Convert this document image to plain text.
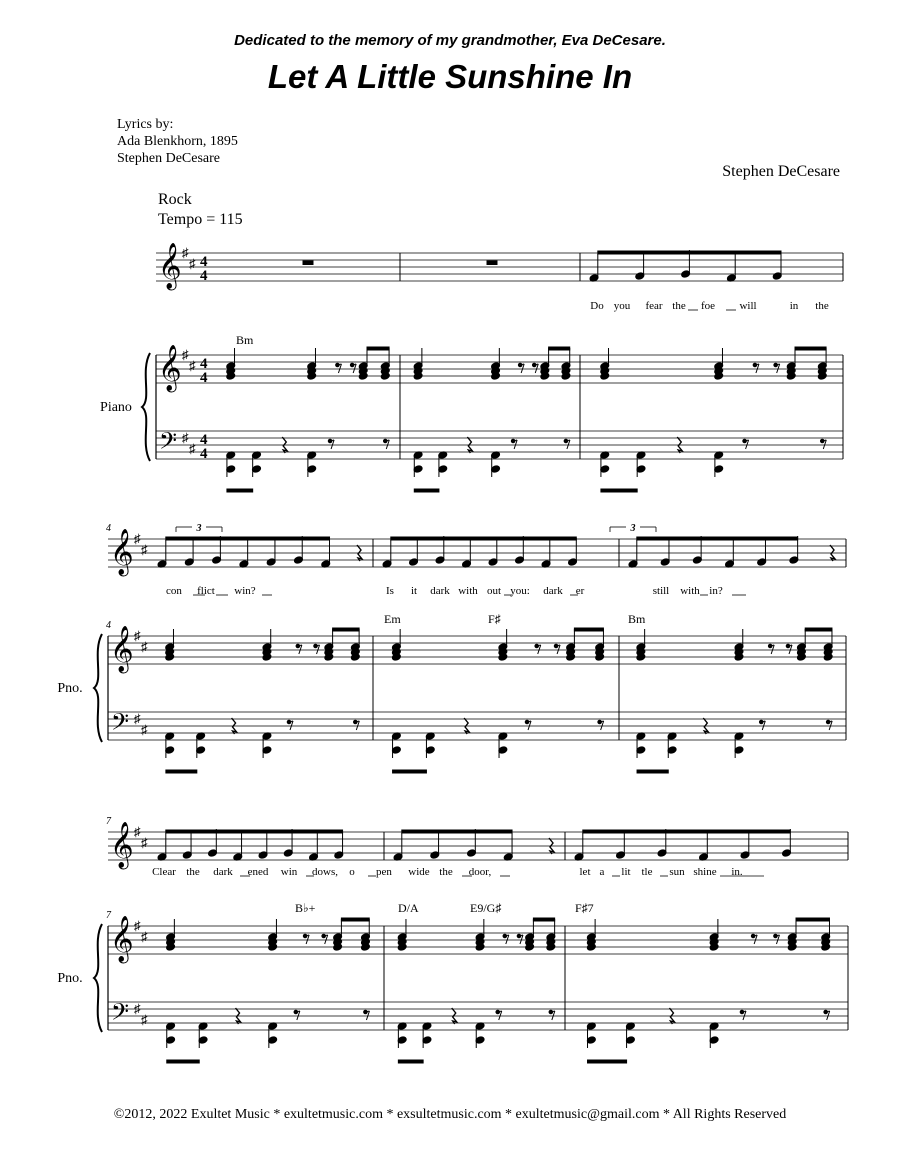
Dedicated to the memory of my grandmother, Eva DeCesare.
Let A Little Sunshine In
Lyrics by:
Ada Blenkhorn, 1895
Stephen DeCesare
Stephen DeCesare
Rock
Tempo = 115
𝄞
𝄞
𝄢
♯
♯
♯
♯
♯
♯
4
4
4
4
4
4
Piano
𝄞
𝄞
𝄢
♯
♯
♯
♯
♯
♯
Pno.
4
4
𝄞
𝄞
𝄢
♯
♯
♯
♯
♯
♯
Pno.
7
7
Bm
Em	F♯	Bm
B♭+	D/A	E9/G♯	F♯7
3	3
Do you fear the foe will	in the
con flict win?	Is it dark with out you: dark er	still with in?
Clear the dark ened win dows, o pen wide the door,	let a lit tle sun shine in.
©2012, 2022 Exultet Music * exultetmusic.com * exsultetmusic.com * exultetmusic@gmail.com * All Rights Reserved
